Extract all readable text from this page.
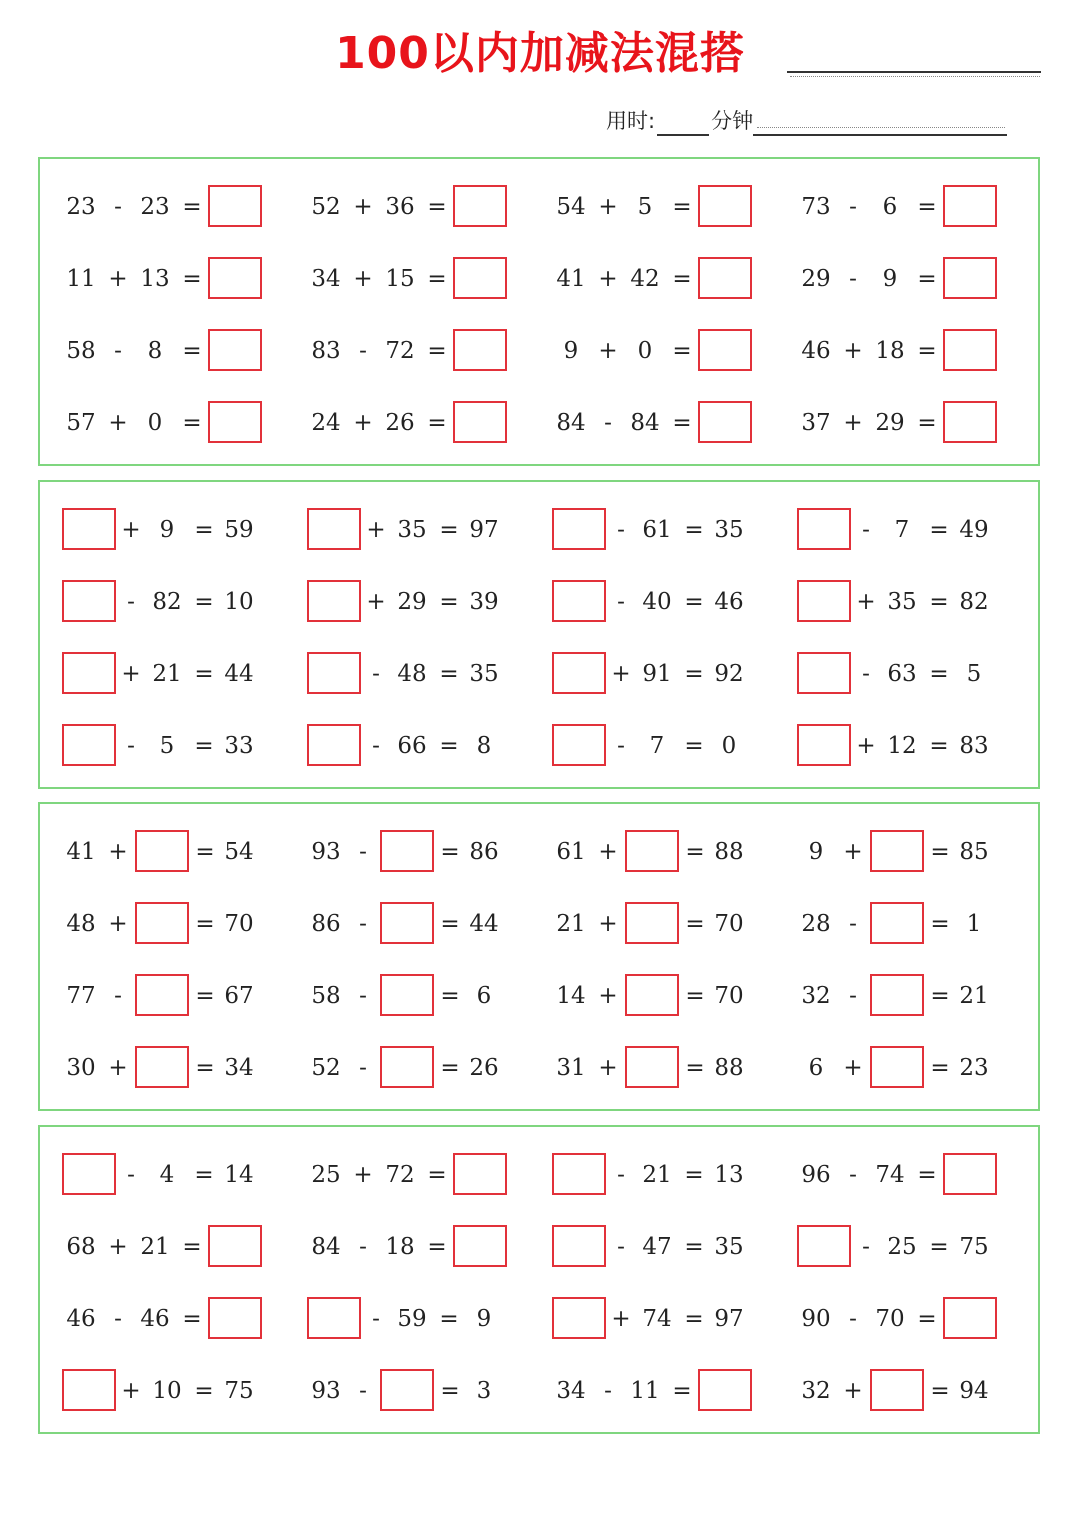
100以内加减法混搭
用时:	分钟
23 - 23 =	52 + 36 =	54 + 5 =	73 -	6 =
11 + 13 =	34 + 15 =	41 + 42 =	29 -	9 =
58 -	8 =	83 - 72 =	9 + 0 =	46 + 18 =
57 + 0 =	24 + 26 =	84 - 84 =	37 + 29 =
+ 9 = 59	+ 35 = 97	- 61 = 35	-	7 = 49
- 82 = 10	+ 29 = 39	- 40 = 46	+ 35 = 82
+ 21 = 44	- 48 = 35	+ 91 = 92	- 63 = 5
-	5 = 33	- 66 = 8	-	7 = 0	+ 12 = 83
41 +	= 54	93 -	= 86	61 +	= 88	9 +	= 85
48 +	= 70	86 -	= 44	21 +	= 70	28 -	= 1
77 -	= 67	58 -	= 6	14 +	= 70	32 -	= 21
30 +	= 34	52 -	= 26	31 +	= 88	6 +	= 23
-	4 = 14	25 + 72 =	- 21 = 13	96 - 74 =
68 + 21 =	84 - 18 =	- 47 = 35	- 25 = 75
46 - 46 =	- 59 = 9	+ 74 = 97	90 - 70 =
+ 10 = 75	93 -	= 3	34 - 11 =	32 +	= 94
